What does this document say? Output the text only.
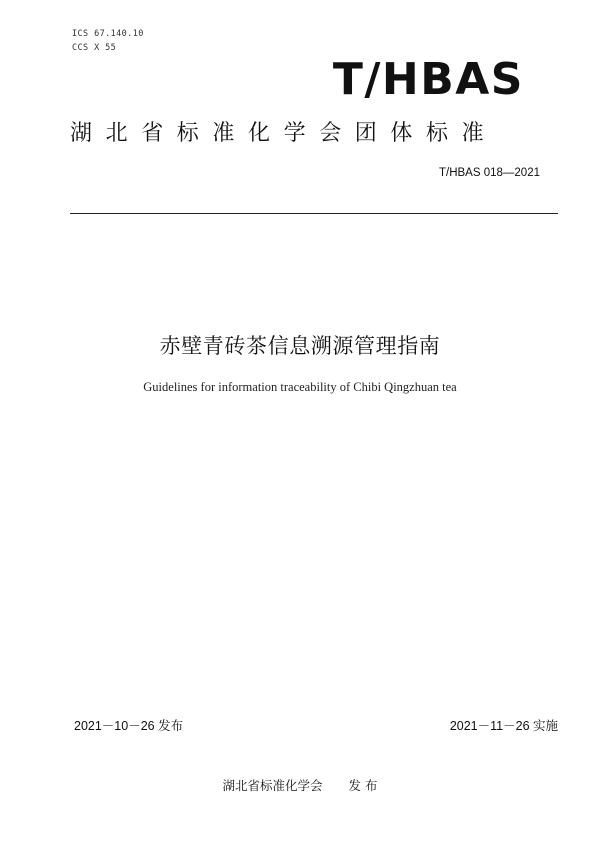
ICS 67.140.10
CCS X 55
T/HBAS
湖北省标准化学会团体标准
T/HBAS 018—2021
赤壁青砖茶信息溯源管理指南
Guidelines for information traceability of Chibi Qingzhuan tea
2021－10－26 发布	2021－11－26 实施
湖北省标准化学会 发 布
